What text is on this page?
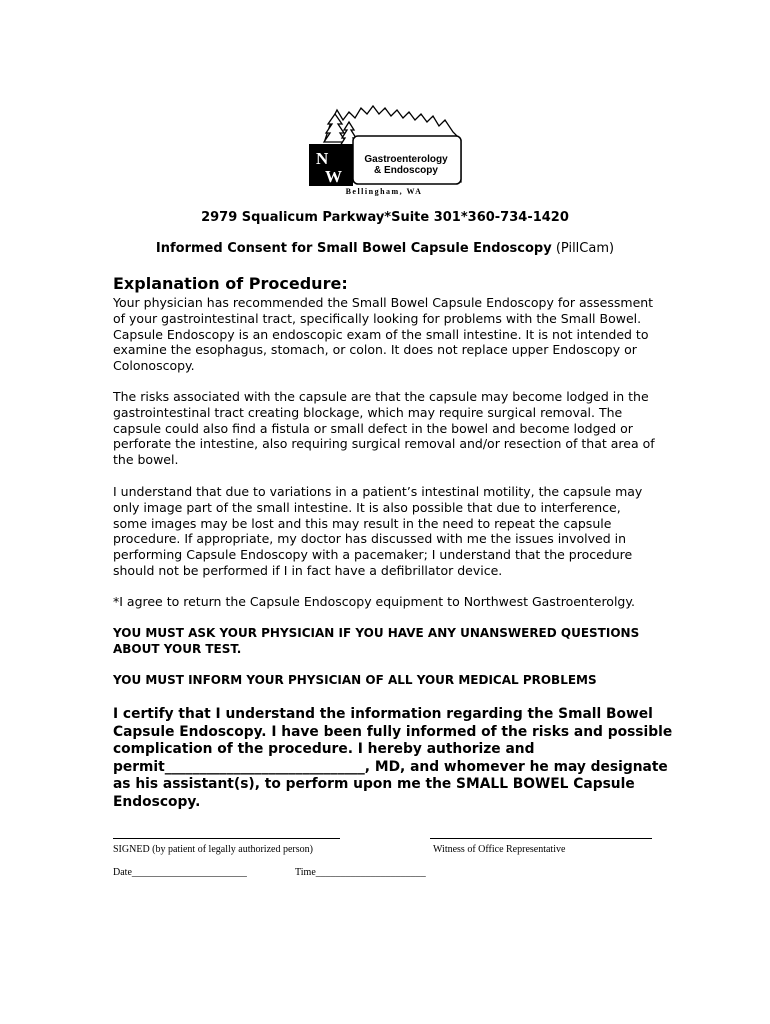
N
W
Gastroenterology
& Endoscopy
Bellingham, WA
2979 Squalicum Parkway*Suite 301*360-734-1420
Informed Consent for Small Bowel Capsule Endoscopy (PillCam)
Explanation of Procedure:

Your physician has recommended the Small Bowel Capsule Endoscopy for assessment of your gastrointestinal tract, specifically looking for problems with the Small Bowel. Capsule Endoscopy is an endoscopic exam of the small intestine. It is not intended to examine the esophagus, stomach, or colon. It does not replace upper Endoscopy or Colonoscopy.

The risks associated with the capsule are that the capsule may become lodged in the gastrointestinal tract creating blockage, which may require surgical removal. The capsule could also find a fistula or small defect in the bowel and become lodged or perforate the intestine, also requiring surgical removal and/or resection of that area of the bowel.

I understand that due to variations in a patient’s intestinal motility, the capsule may only image part of the small intestine. It is also possible that due to interference, some images may be lost and this may result in the need to repeat the capsule procedure. If appropriate, my doctor has discussed with me the issues involved in performing Capsule Endoscopy with a pacemaker; I understand that the procedure should not be performed if I in fact have a defibrillator device.

*I agree to return the Capsule Endoscopy equipment to Northwest Gastroenterolgy.

YOU MUST ASK YOUR PHYSICIAN IF YOU HAVE ANY UNANSWERED QUESTIONS ABOUT YOUR TEST.

YOU MUST INFORM YOUR PHYSICIAN OF ALL YOUR MEDICAL PROBLEMS

I certify that I understand the information regarding the Small Bowel Capsule Endoscopy. I have been fully informed of the risks and possible complication of the procedure. I hereby authorize and permit_____________________________, MD, and whomever he may designate as his assistant(s), to perform upon me the SMALL BOWEL Capsule Endoscopy.

SIGNED (by patient of legally authorized person)	Witness of Office Representative
Date_______________________	Time______________________
